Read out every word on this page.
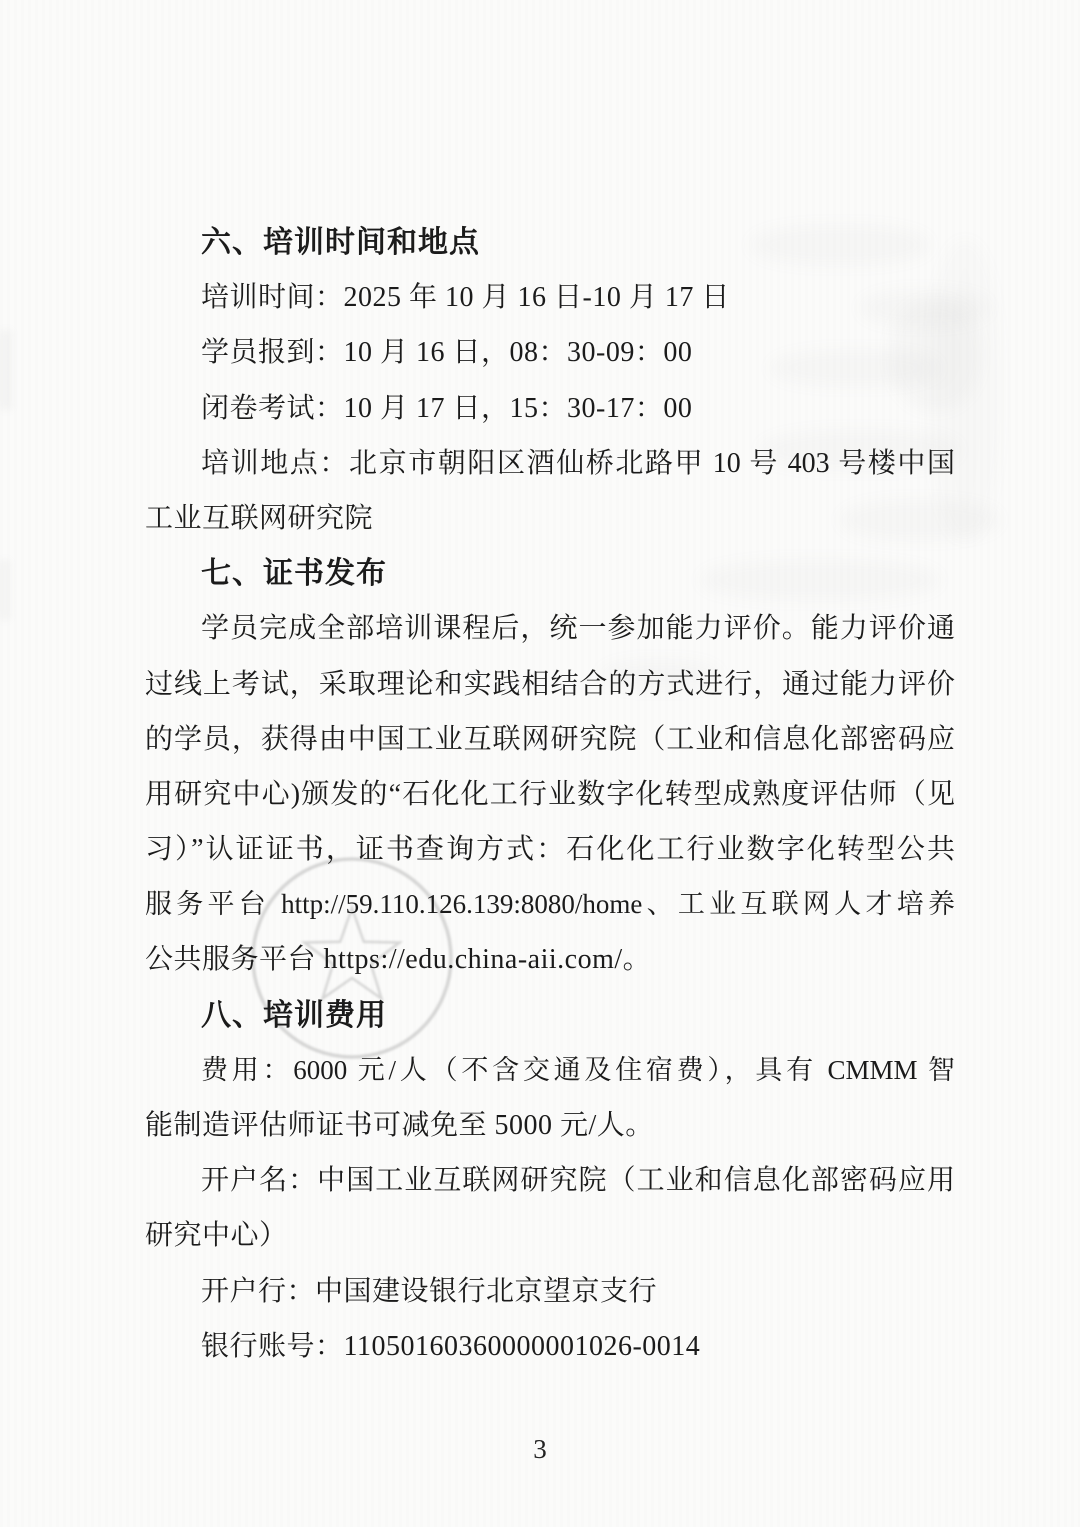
六、培训时间和地点
培训时间：2025 年 10 月 16 日-10 月 17 日
学员报到：10 月 16 日，08：30-09：00
闭卷考试：10 月 17 日，15：30-17：00
培训地点：北京市朝阳区酒仙桥北路甲 10 号 403 号楼中国
工业互联网研究院
七、证书发布
学员完成全部培训课程后，统一参加能力评价。能力评价通
过线上考试，采取理论和实践相结合的方式进行，通过能力评价
的学员，获得由中国工业互联网研究院（工业和信息化部密码应
用研究中心)颁发的“石化化工行业数字化转型成熟度评估师（见
习）”认证证书，证书查询方式：石化化工行业数字化转型公共
服务平台 http://59.110.126.139:8080/home、工业互联网人才培养
公共服务平台 https://edu.china-aii.com/。
八、培训费用
费用：6000 元/人（不含交通及住宿费），具有 CMMM 智
能制造评估师证书可减免至 5000 元/人。
开户名：中国工业互联网研究院（工业和信息化部密码应用
研究中心）
开户行：中国建设银行北京望京支行
银行账号：11050160360000001026-0014
3
